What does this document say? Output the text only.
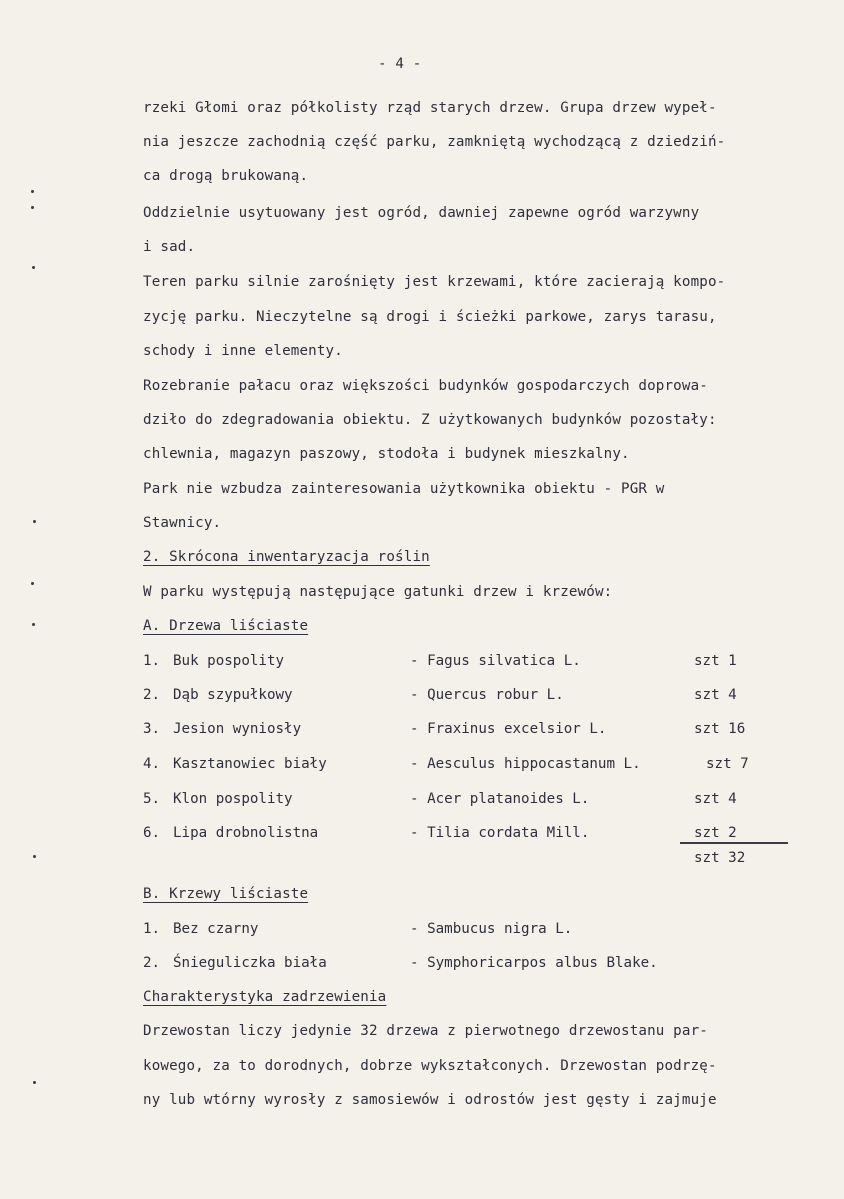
- 4 -
rzeki Głomi oraz półkolisty rząd starych drzew. Grupa drzew wypeł-
nia jeszcze zachodnią część parku, zamkniętą wychodzącą z dziedziń-
ca drogą brukowaną.
Oddzielnie usytuowany jest ogród, dawniej zapewne ogród warzywny
i sad.
Teren parku silnie zarośnięty jest krzewami, które zacierają kompo-
zycję parku. Nieczytelne są drogi i ścieżki parkowe, zarys tarasu,
schody i inne elementy.
Rozebranie pałacu oraz większości budynków gospodarczych doprowa-
dziło do zdegradowania obiektu. Z użytkowanych budynków pozostały:
chlewnia, magazyn paszowy, stodoła i budynek mieszkalny.
Park nie wzbudza zainteresowania użytkownika obiektu - PGR w
Stawnicy.
2. Skrócona inwentaryzacja roślin
W parku występują następujące gatunki drzew i krzewów:
A. Drzewa liściaste
1. Buk pospolity	- Fagus silvatica L.	szt 1
2. Dąb szypułkowy	- Quercus robur L.	szt 4
3. Jesion wyniosły	- Fraxinus excelsior L.	szt 16
4. Kasztanowiec biały	- Aesculus hippocastanum L.	szt 7
5. Klon pospolity	- Acer platanoides L.	szt 4
6. Lipa drobnolistna	- Tilia cordata Mill.	szt 2
szt 32
B. Krzewy liściaste
1. Bez czarny	- Sambucus nigra L.
2. Śnieguliczka biała	- Symphoricarpos albus Blake.
Charakterystyka zadrzewienia
Drzewostan liczy jedynie 32 drzewa z pierwotnego drzewostanu par-
kowego, za to dorodnych, dobrze wykształconych. Drzewostan podrzę-
ny lub wtórny wyrosły z samosiewów i odrostów jest gęsty i zajmuje
